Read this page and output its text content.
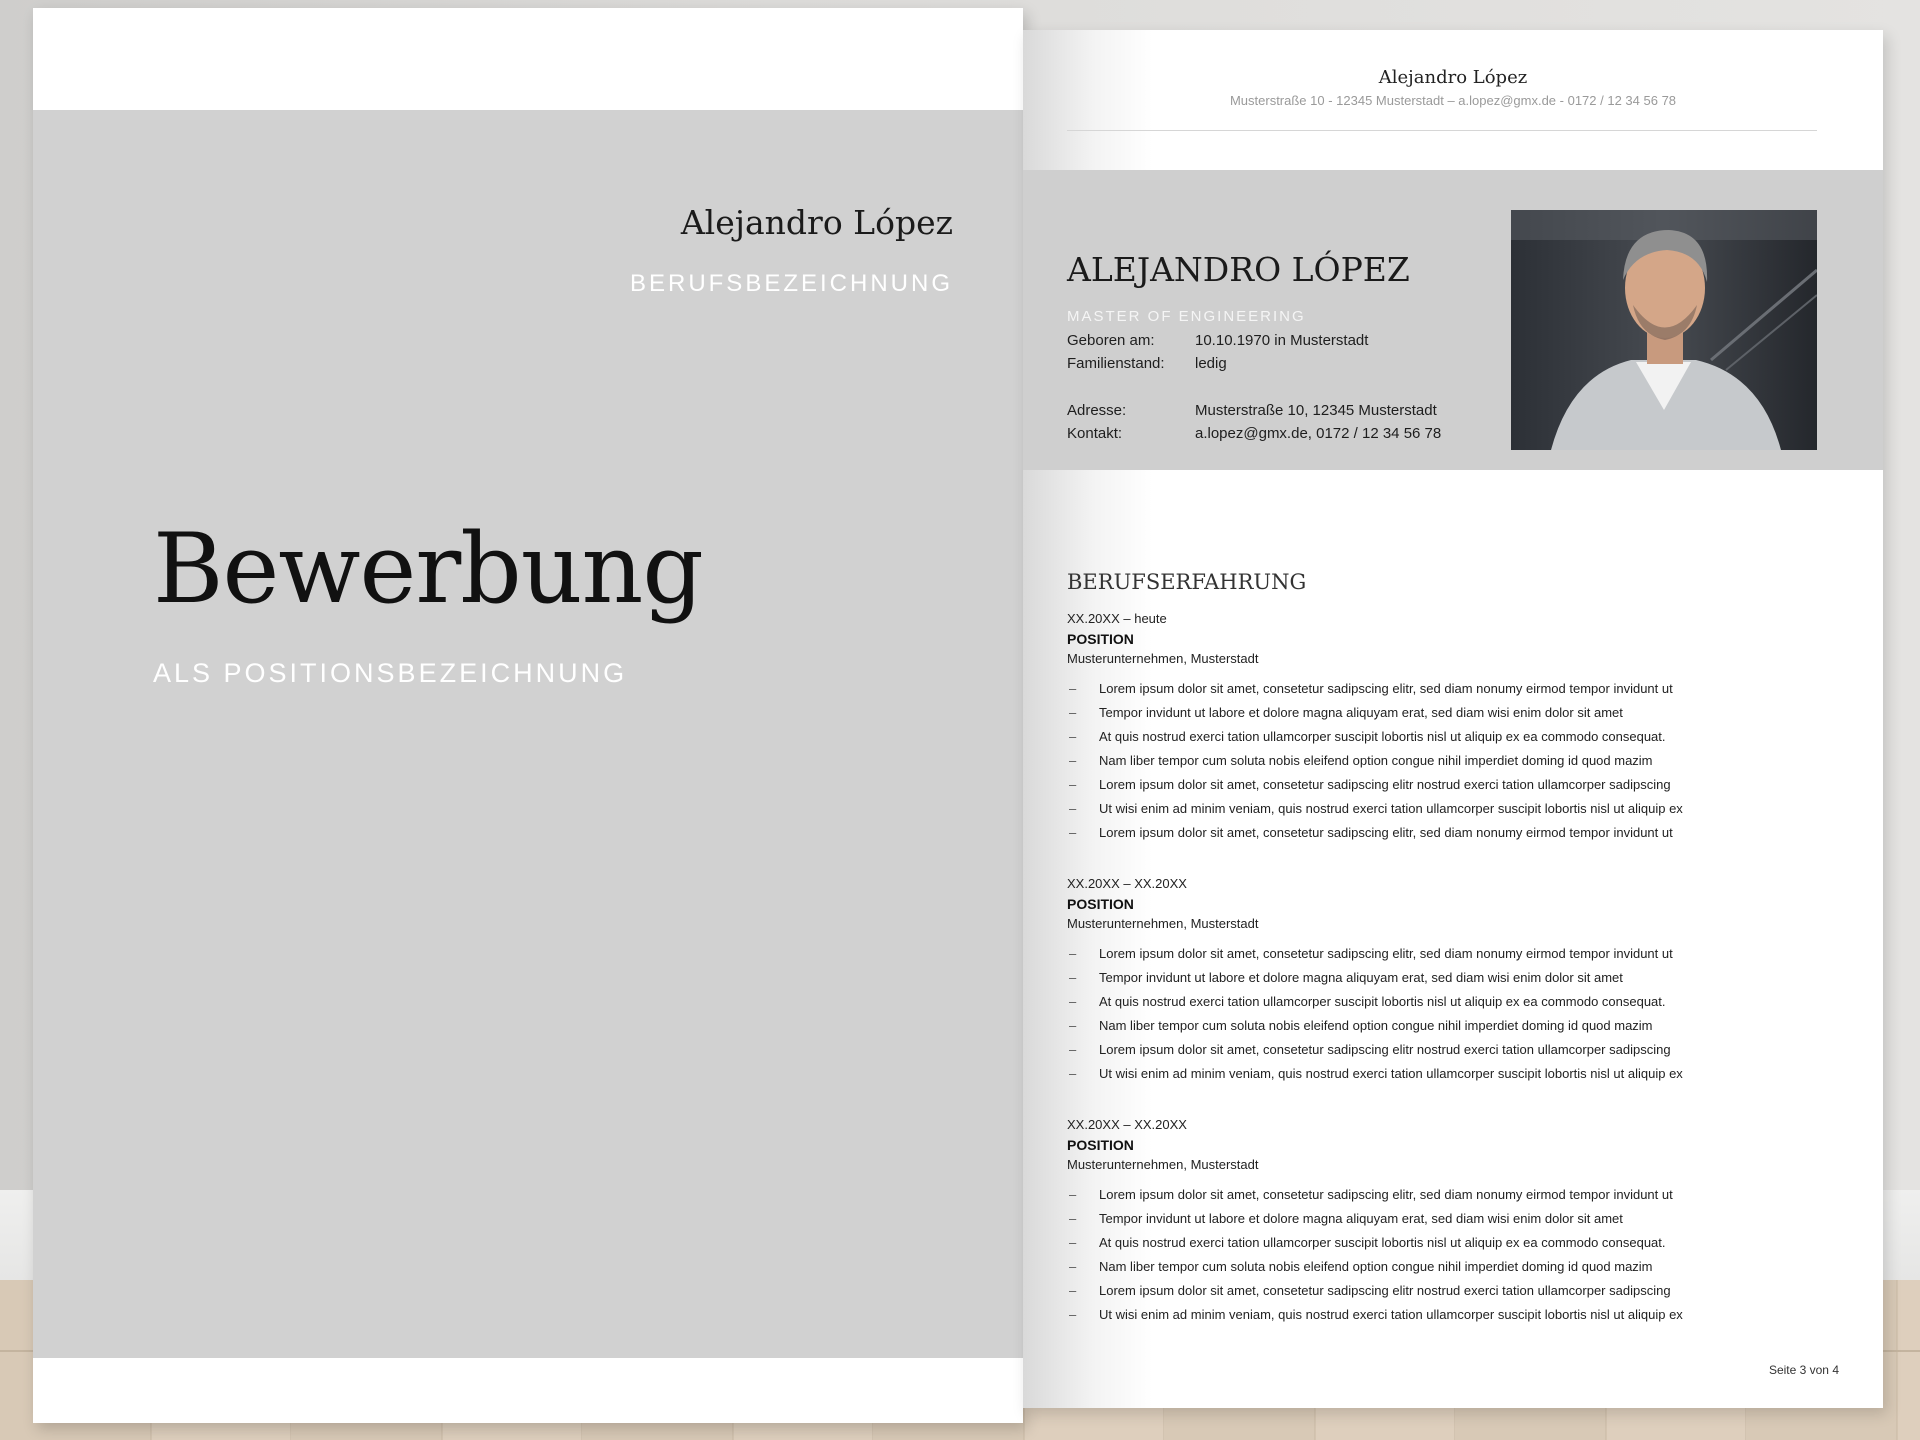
Alejandro López
BERUFSBEZEICHNUNG
Bewerbung
ALS POSITIONSBEZEICHNUNG
Alejandro López
Musterstraße 10 - 12345 Musterstadt – a.lopez@gmx.de - 0172 / 12 34 56 78
ALEJANDRO LÓPEZ
MASTER OF ENGINEERING
Geboren am:	10.10.1970 in Musterstadt
Familienstand: ledig
Adresse:	Musterstraße 10, 12345 Musterstadt
Kontakt:	a.lopez@gmx.de, 0172 / 12 34 56 78
BERUFSERFAHRUNG
XX.20XX – heute
POSITION
Musterunternehmen, Musterstadt
– Lorem ipsum dolor sit amet, consetetur sadipscing elitr, sed diam nonumy eirmod tempor invidunt ut
– Tempor invidunt ut labore et dolore magna aliquyam erat, sed diam wisi enim dolor sit amet
– At quis nostrud exerci tation ullamcorper suscipit lobortis nisl ut aliquip ex ea commodo consequat.
– Nam liber tempor cum soluta nobis eleifend option congue nihil imperdiet doming id quod mazim
– Lorem ipsum dolor sit amet, consetetur sadipscing elitr nostrud exerci tation ullamcorper sadipscing
– Ut wisi enim ad minim veniam, quis nostrud exerci tation ullamcorper suscipit lobortis nisl ut aliquip ex
– Lorem ipsum dolor sit amet, consetetur sadipscing elitr, sed diam nonumy eirmod tempor invidunt ut
XX.20XX – XX.20XX
POSITION
Musterunternehmen, Musterstadt
– Lorem ipsum dolor sit amet, consetetur sadipscing elitr, sed diam nonumy eirmod tempor invidunt ut
– Tempor invidunt ut labore et dolore magna aliquyam erat, sed diam wisi enim dolor sit amet
– At quis nostrud exerci tation ullamcorper suscipit lobortis nisl ut aliquip ex ea commodo consequat.
– Nam liber tempor cum soluta nobis eleifend option congue nihil imperdiet doming id quod mazim
– Lorem ipsum dolor sit amet, consetetur sadipscing elitr nostrud exerci tation ullamcorper sadipscing
– Ut wisi enim ad minim veniam, quis nostrud exerci tation ullamcorper suscipit lobortis nisl ut aliquip ex
XX.20XX – XX.20XX
POSITION
Musterunternehmen, Musterstadt
– Lorem ipsum dolor sit amet, consetetur sadipscing elitr, sed diam nonumy eirmod tempor invidunt ut
– Tempor invidunt ut labore et dolore magna aliquyam erat, sed diam wisi enim dolor sit amet
– At quis nostrud exerci tation ullamcorper suscipit lobortis nisl ut aliquip ex ea commodo consequat.
– Nam liber tempor cum soluta nobis eleifend option congue nihil imperdiet doming id quod mazim
– Lorem ipsum dolor sit amet, consetetur sadipscing elitr nostrud exerci tation ullamcorper sadipscing
– Ut wisi enim ad minim veniam, quis nostrud exerci tation ullamcorper suscipit lobortis nisl ut aliquip ex
Seite 3 von 4
